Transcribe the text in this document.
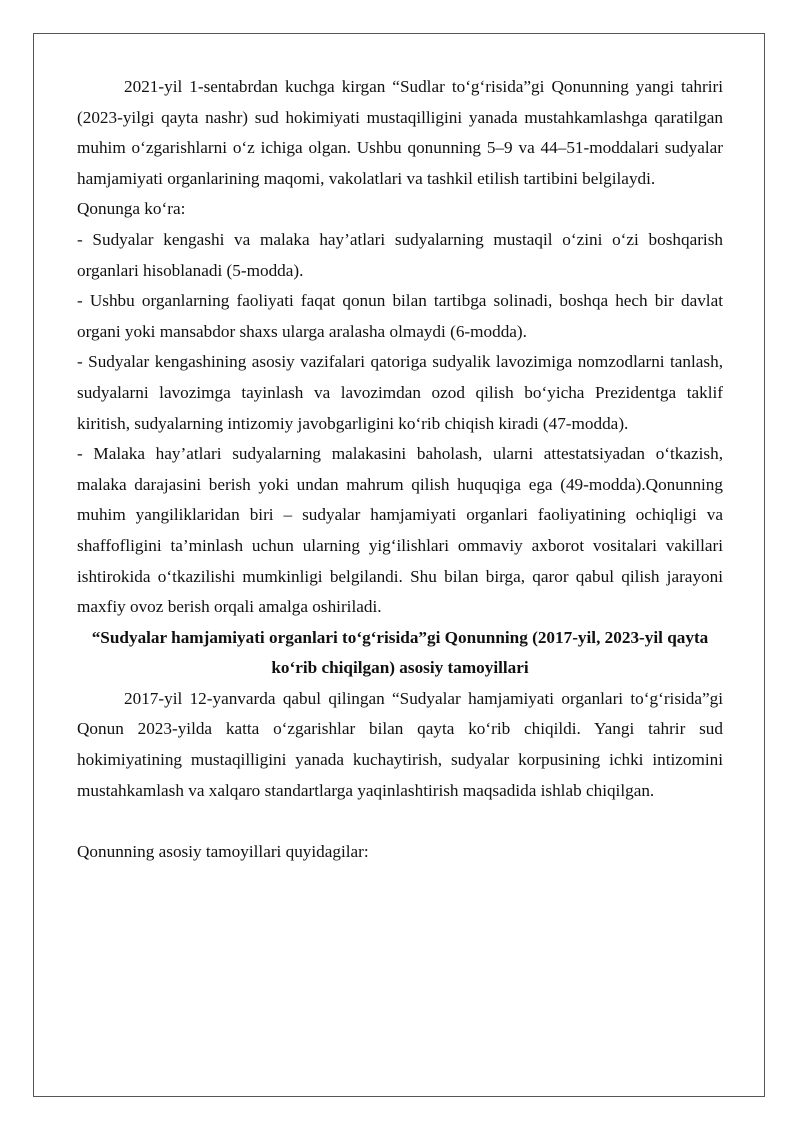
2021-yil 1-sentabrdan kuchga kirgan “Sudlar to‘g‘risida”gi Qonunning yangi tahriri (2023-yilgi qayta nashr) sud hokimiyati mustaqilligini yanada mustahkamlashga qaratilgan muhim o‘zgarishlarni o‘z ichiga olgan. Ushbu qonunning 5–9 va 44–51-moddalari sudyalar hamjamiyati organlarining maqomi, vakolatlari va tashkil etilish tartibini belgilaydi.

Qonunga ko‘ra:

- Sudyalar kengashi va malaka hay’atlari sudyalarning mustaqil o‘zini o‘zi boshqarish organlari hisoblanadi (5-modda).

- Ushbu organlarning faoliyati faqat qonun bilan tartibga solinadi, boshqa hech bir davlat organi yoki mansabdor shaxs ularga aralasha olmaydi (6-modda).

- Sudyalar kengashining asosiy vazifalari qatoriga sudyalik lavozimiga nomzodlarni tanlash, sudyalarni lavozimga tayinlash va lavozimdan ozod qilish bo‘yicha Prezidentga taklif kiritish, sudyalarning intizomiy javobgarligini ko‘rib chiqish kiradi (47-modda).

- Malaka hay’atlari sudyalarning malakasini baholash, ularni attestatsiyadan o‘tkazish, malaka darajasini berish yoki undan mahrum qilish huquqiga ega (49-modda).Qonunning muhim yangiliklaridan biri – sudyalar hamjamiyati organlari faoliyatining ochiqligi va shaffofligini ta’minlash uchun ularning yig‘ilishlari ommaviy axborot vositalari vakillari ishtirokida o‘tkazilishi mumkinligi belgilandi. Shu bilan birga, qaror qabul qilish jarayoni maxfiy ovoz berish orqali amalga oshiriladi.

“Sudyalar hamjamiyati organlari to‘g‘risida”gi Qonunning (2017-yil, 2023-yil qayta ko‘rib chiqilgan) asosiy tamoyillari

2017-yil 12-yanvarda qabul qilingan “Sudyalar hamjamiyati organlari to‘g‘risida”gi Qonun 2023-yilda katta o‘zgarishlar bilan qayta ko‘rib chiqildi. Yangi tahrir sud hokimiyatining mustaqilligini yanada kuchaytirish, sudyalar korpusining ichki intizomini mustahkamlash va xalqaro standartlarga yaqinlashtirish maqsadida ishlab chiqilgan.

Qonunning asosiy tamoyillari quyidagilar:
